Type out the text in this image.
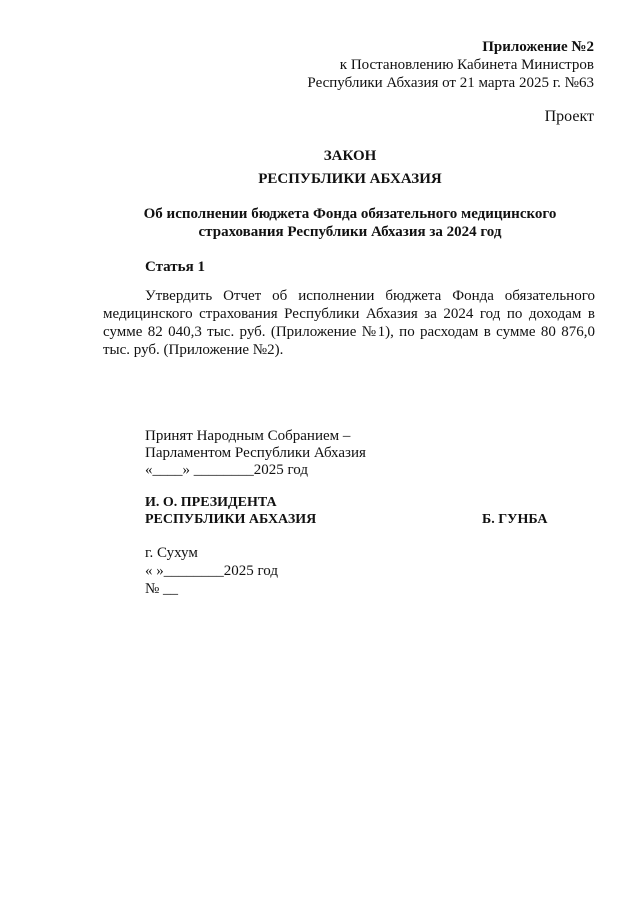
Приложение №2
к Постановлению Кабинета Министров
Республики Абхазия от 21 марта 2025 г. №63
Проект
ЗАКОН
РЕСПУБЛИКИ АБХАЗИЯ
Об исполнении бюджета Фонда обязательного медицинского
страхования Республики Абхазия за 2024 год
Статья 1
Утвердить Отчет об исполнении бюджета Фонда обязательного
медицинского страхования Республики Абхазия за 2024 год по доходам в
сумме 82 040,3 тыс. руб. (Приложение №1), по расходам в сумме 80 876,0
тыс. руб. (Приложение №2).
Принят Народным Собранием –
Парламентом Республики Абхазия
«____» ________2025 год
И. О. ПРЕЗИДЕНТА
РЕСПУБЛИКИ АБХАЗИЯ	Б. ГУНБА
г. Сухум
« »________2025 год
№ __
